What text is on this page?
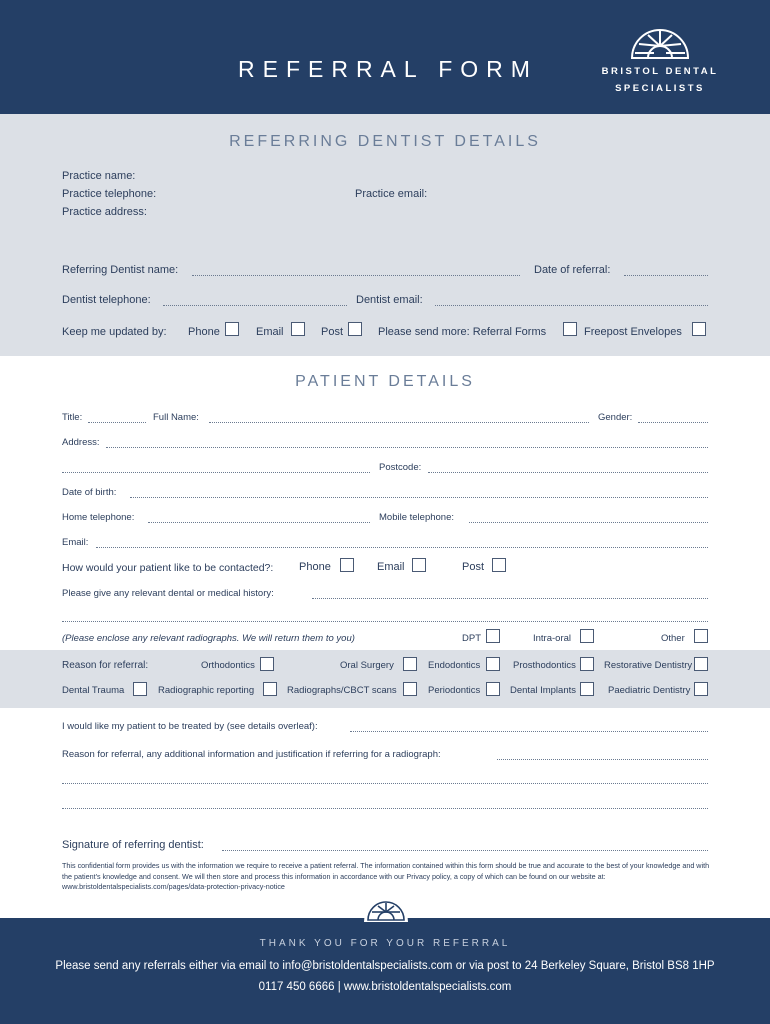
REFERRAL FORM	BRISTOL DENTAL
SPECIALISTS
REFERRING DENTIST DETAILS
Practice name:
Practice telephone:	Practice email:
Practice address:
Referring Dentist name:	Date of referral:
Dentist telephone:	Dentist email:
Keep me updated by: Phone	Email	Post	Please send more: Referral Forms	Freepost Envelopes
PATIENT DETAILS
Title:	Full Name:	Gender:
Address:
Postcode:
Date of birth:
Home telephone:	Mobile telephone:
Email:
How would your patient like to be contacted?: Phone	Email	Post
Please give any relevant dental or medical history:
(Please enclose any relevant radiographs. We will return them to you)	DPT	Intra-oral	Other
Reason for referral:	Orthodontics	Oral Surgery	Endodontics	Prosthodontics	Restorative Dentistry
Dental Trauma	Radiographic reporting	Radiographs/CBCT scans	Periodontics	Dental Implants	Paediatric Dentistry
I would like my patient to be treated by (see details overleaf):
Reason for referral, any additional information and justification if referring for a radiograph:
Signature of referring dentist:
This confidential form provides us with the information we require to receive a patient referral. The information contained within this form should be true and accurate to the best of your knowledge and with the patient's knowledge and consent. We will then store and process this information in accordance with our Privacy policy, a copy of which can be found on our website at: www.bristoldentalspecialists.com/pages/data-protection-privacy-notice
THANK YOU FOR YOUR REFERRAL
Please send any referrals either via email to info@bristoldentalspecialists.com or via post to 24 Berkeley Square, Bristol BS8 1HP
0117 450 6666 | www.bristoldentalspecialists.com
